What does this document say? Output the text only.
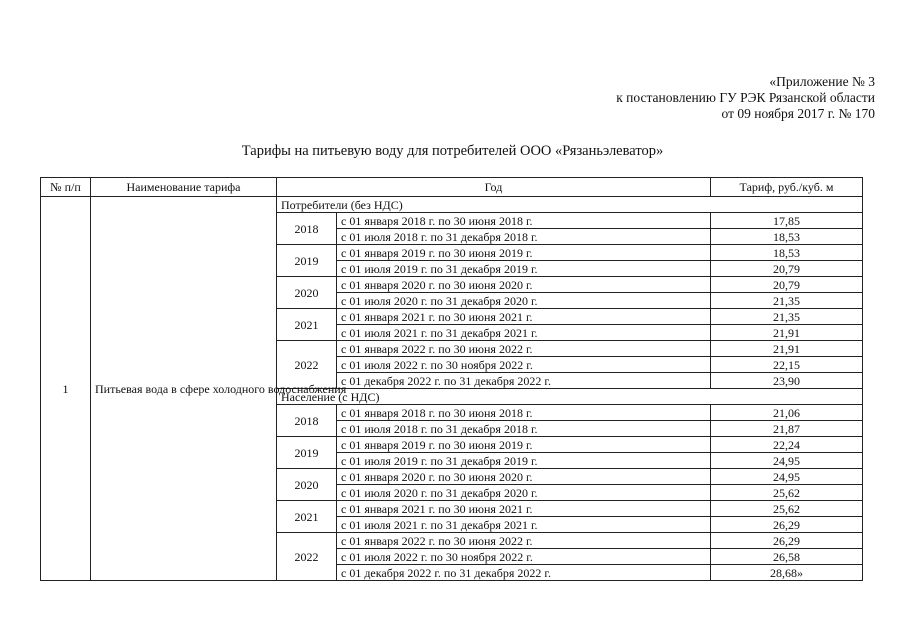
«Приложение № 3
к постановлению ГУ РЭК Рязанской области
от 09 ноября 2017 г. № 170
Тарифы на питьевую воду для потребителей ООО «Рязаньэлеватор»
№ п/п	Наименование тарифа	Год		Тариф, руб./куб. м
1	Питьевая вода в сфере холодного водоснабжения	Потребители (без НДС)		
		2018	с 01 января 2018 г. по 30 июня 2018 г.	17,85
			с 01 июля 2018 г. по 31 декабря 2018 г.	18,53
		2019	с 01 января 2019 г. по 30 июня 2019 г.	18,53
			с 01 июля 2019 г. по 31 декабря 2019 г.	20,79
		2020	с 01 января 2020 г. по 30 июня 2020 г.	20,79
			с 01 июля 2020 г. по 31 декабря 2020 г.	21,35
		2021	с 01 января 2021 г. по 30 июня 2021 г.	21,35
			с 01 июля 2021 г. по 31 декабря 2021 г.	21,91
		2022	с 01 января 2022 г. по 30 июня 2022 г.	21,91
			с 01 июля 2022 г. по 30 ноября 2022 г.	22,15
			с 01 декабря 2022 г. по 31 декабря 2022 г.	23,90
		Население (с НДС)		
		2018	с 01 января 2018 г. по 30 июня 2018 г.	21,06
			с 01 июля 2018 г. по 31 декабря 2018 г.	21,87
		2019	с 01 января 2019 г. по 30 июня 2019 г.	22,24
			с 01 июля 2019 г. по 31 декабря 2019 г.	24,95
		2020	с 01 января 2020 г. по 30 июня 2020 г.	24,95
			с 01 июля 2020 г. по 31 декабря 2020 г.	25,62
		2021	с 01 января 2021 г. по 30 июня 2021 г.	25,62
			с 01 июля 2021 г. по 31 декабря 2021 г.	26,29
		2022	с 01 января 2022 г. по 30 июня 2022 г.	26,29
			с 01 июля 2022 г. по 30 ноября 2022 г.	26,58
			с 01 декабря 2022 г. по 31 декабря 2022 г.	28,68»
